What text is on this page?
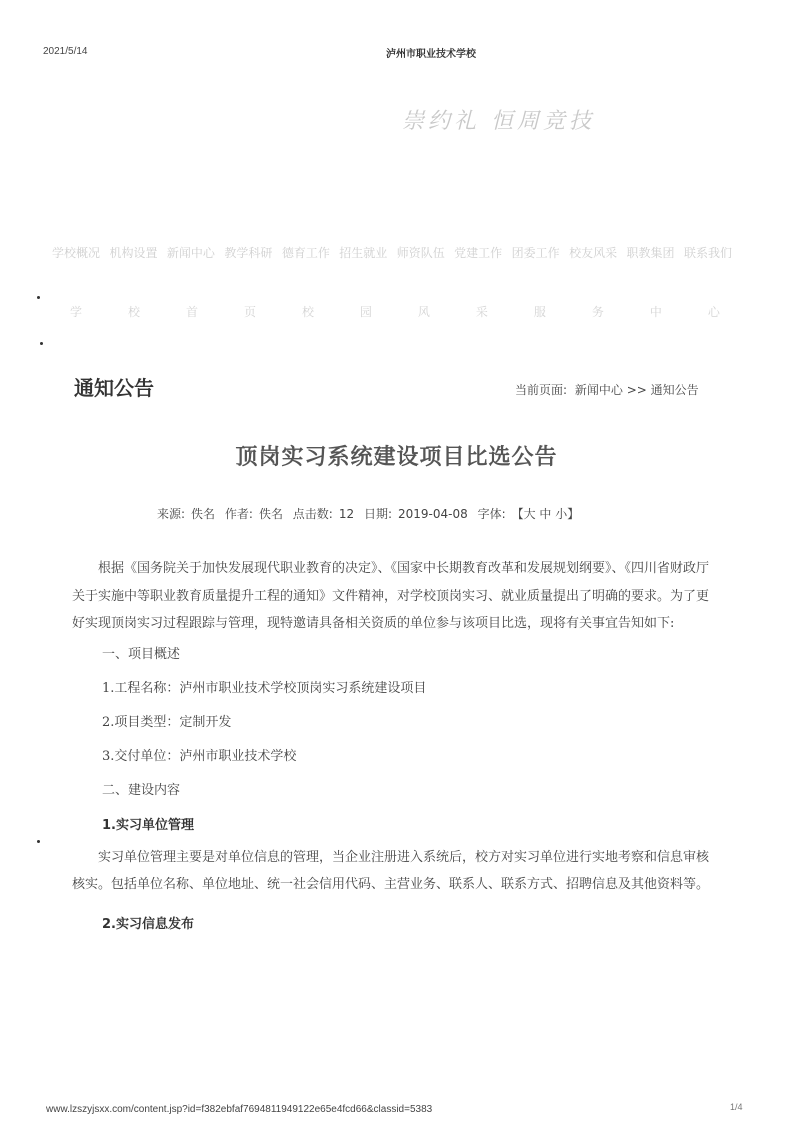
2021/5/14	泸州市职业技术学校
崇约礼 恒周竞技
学校概况 机构设置 新闻中心 教学科研 德育工作 招生就业 师资队伍 党建工作 团委工作 校友风采 职教集团 联系我们
学	校	首	页	校	园	风	采	服	务	中	心
通知公告	当前页面: 新闻中心 >> 通知公告
顶岗实习系统建设项目比选公告
来源: 佚名 作者: 佚名 点击数: 12 日期: 2019-04-08 字体: 【大 中 小】

根据《国务院关于加快发展现代职业教育的决定》、《国家中长期教育改革和发展规划纲要》、《四川省财政厅关于实施中等职业教育质量提升工程的通知》文件精神，对学校顶岗实习、就业质量提出了明确的要求。为了更好实现顶岗实习过程跟踪与管理，现特邀请具备相关资质的单位参与该项目比选，现将有关事宜告知如下:

一、项目概述

1.工程名称：泸州市职业技术学校顶岗实习系统建设项目

2.项目类型：定制开发

3.交付单位：泸州市职业技术学校

二、建设内容

1.实习单位管理

实习单位管理主要是对单位信息的管理，当企业注册进入系统后，校方对实习单位进行实地考察和信息审核核实。包括单位名称、单位地址、统一社会信用代码、主营业务、联系人、联系方式、招聘信息及其他资料等。

2.实习信息发布

www.lzszyjsxx.com/content.jsp?id=f382ebfaf7694811949122e65e4fcd66&classid=5383	1/4
